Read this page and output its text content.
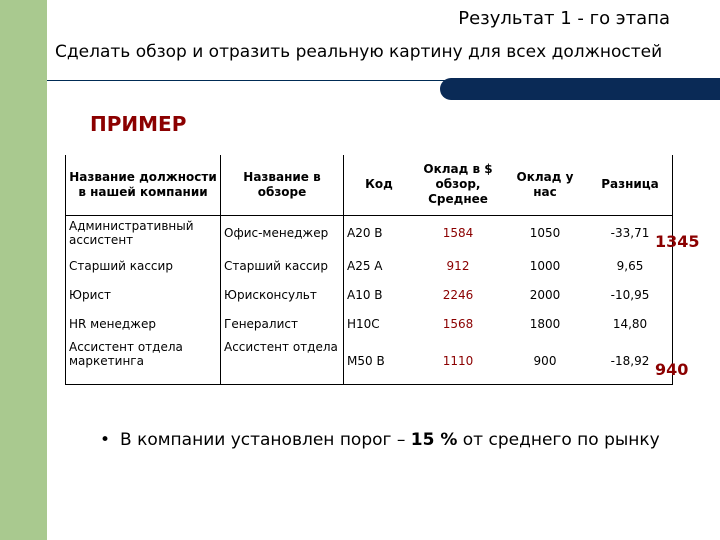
Результат 1 - го этапа
Сделать обзор и отразить реальную картину для всех должностей
ПРИМЕР
Название должности в нашей компании	Название в обзоре	Код	Оклад в $ обзор, Среднее	Оклад у нас	Разница
Административный ассистент	Офис-менеджер	A20 B	1584	1050	-33,71
Старший кассир	Старший кассир	A25 A	912	1000	9,65
Юрист	Юрисконсульт	A10 B	2246	2000	-10,95
HR менеджер	Генералист	H10C	1568	1800	14,80
Ассистент отдела маркетинга	Ассистент отдела	M50 B	1110	900	-18,92
1345
940
• В компании установлен порог – 15 % от среднего по рынку
